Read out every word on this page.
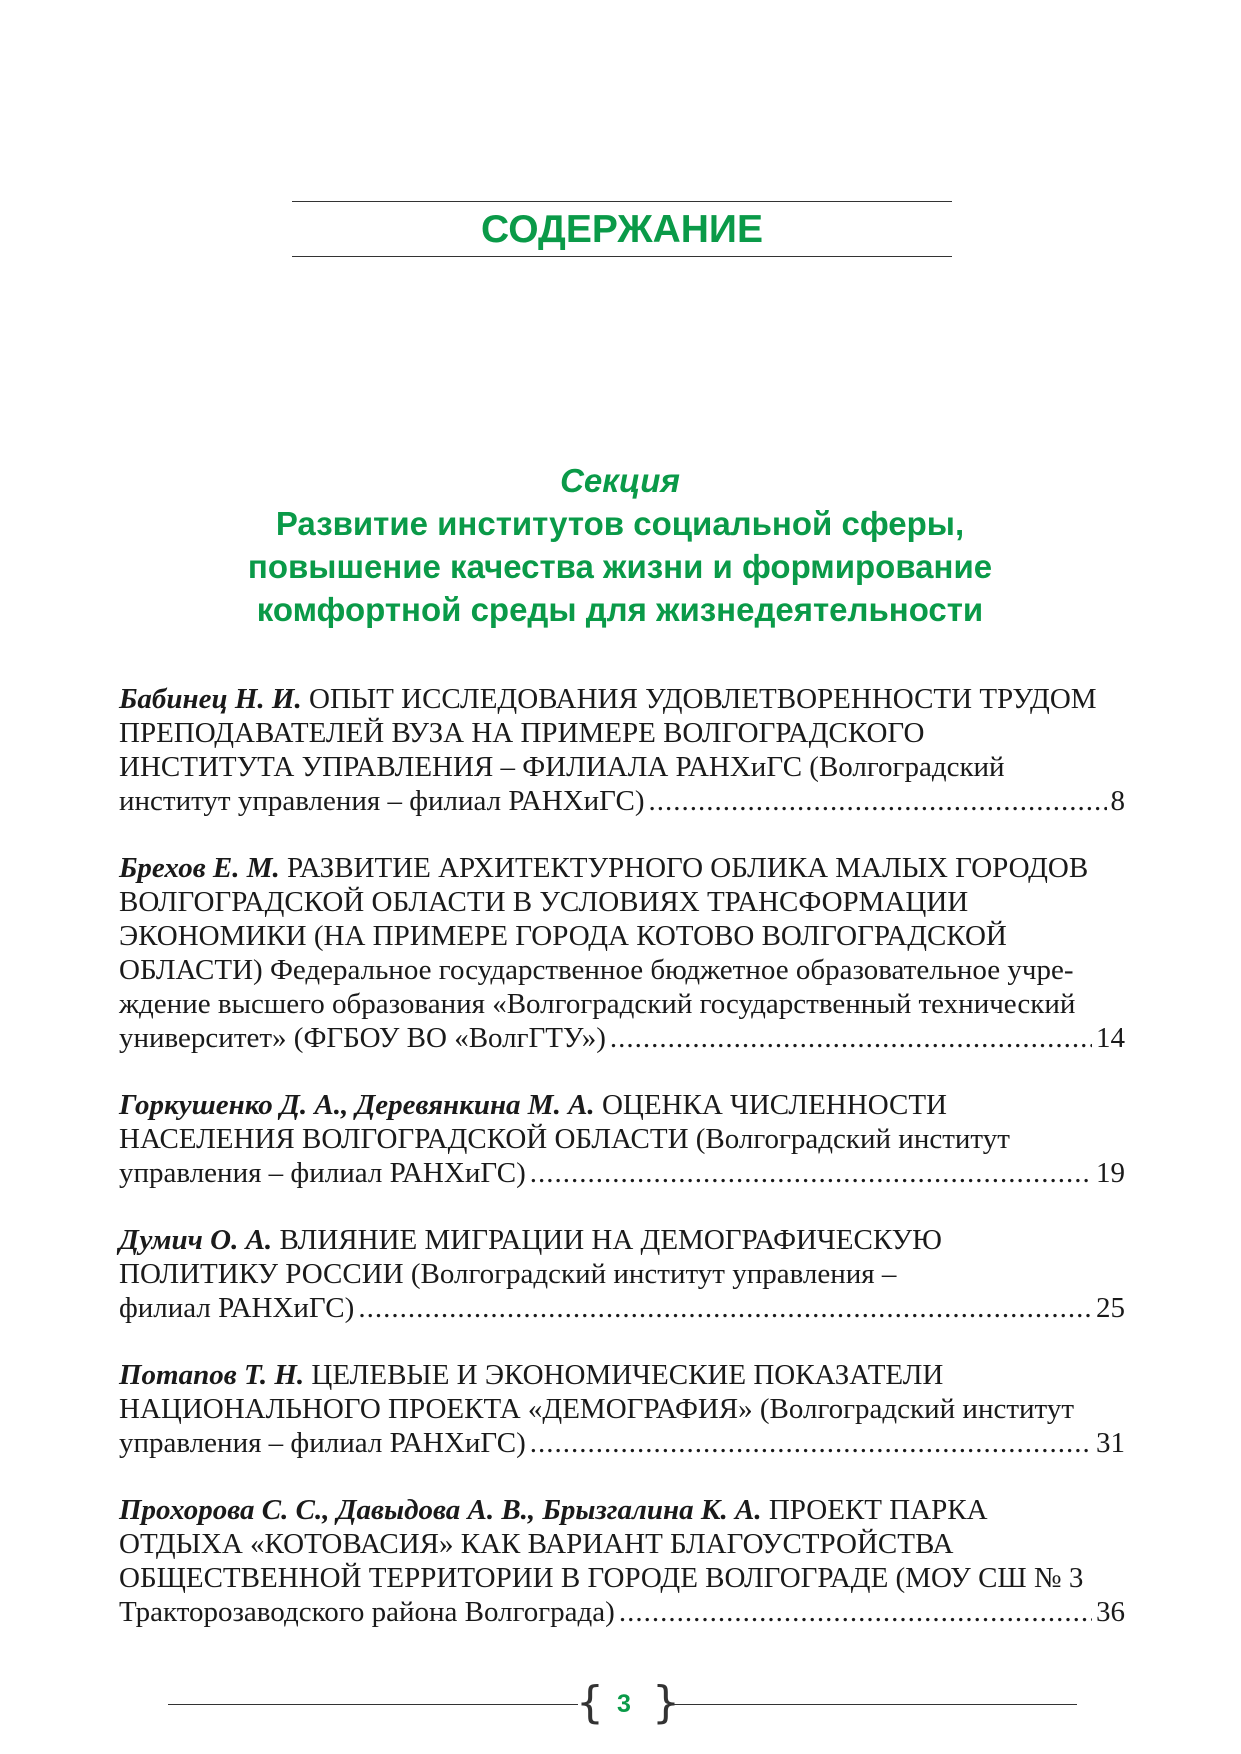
СОДЕРЖАНИЕ
Секция
Развитие институтов социальной сферы,
повышение качества жизни и формирование
комфортной среды для жизнедеятельности

Бабинец Н. И. ОПЫТ ИССЛЕДОВАНИЯ УДОВЛЕТВОРЕННОСТИ ТРУДОМ

ПРЕПОДАВАТЕЛЕЙ ВУЗА НА ПРИМЕРЕ ВОЛГОГРАДСКОГО

ИНСТИТУТА УПРАВЛЕНИЯ – ФИЛИАЛА РАНХиГС (Волгоградский

институт управления – филиал РАНХиГС) .....	8

Брехов Е. М. РАЗВИТИЕ АРХИТЕКТУРНОГО ОБЛИКА МАЛЫХ ГОРОДОВ

ВОЛГОГРАДСКОЙ ОБЛАСТИ В УСЛОВИЯХ ТРАНСФОРМАЦИИ

ЭКОНОМИКИ (НА ПРИМЕРЕ ГОРОДА КОТОВО ВОЛГОГРАДСКОЙ

ОБЛАСТИ) Федеральное государственное бюджетное образовательное учре-

ждение высшего образования «Волгоградский государственный технический

университет» (ФГБОУ ВО «ВолгГТУ») .....	14

Горкушенко Д. А., Деревянкина М. А. ОЦЕНКА ЧИСЛЕННОСТИ

НАСЕЛЕНИЯ ВОЛГОГРАДСКОЙ ОБЛАСТИ (Волгоградский институт

управления – филиал РАНХиГС) .....	19

Думич О. А. ВЛИЯНИЕ МИГРАЦИИ НА ДЕМОГРАФИЧЕСКУЮ

ПОЛИТИКУ РОССИИ (Волгоградский институт управления –

филиал РАНХиГС) .....	25

Потапов Т. Н. ЦЕЛЕВЫЕ И ЭКОНОМИЧЕСКИЕ ПОКАЗАТЕЛИ

НАЦИОНАЛЬНОГО ПРОЕКТА «ДЕМОГРАФИЯ» (Волгоградский институт

управления – филиал РАНХиГС) .....	31

Прохорова С. С., Давыдова А. В., Брызгалина К. А. ПРОЕКТ ПАРКА

ОТДЫХА «КОТОВАСИЯ» КАК ВАРИАНТ БЛАГОУСТРОЙСТВА

ОБЩЕСТВЕННОЙ ТЕРРИТОРИИ В ГОРОДЕ ВОЛГОГРАДЕ (МОУ СШ № 3

Тракторозаводского района Волгограда) .....	36
{ 3 }
